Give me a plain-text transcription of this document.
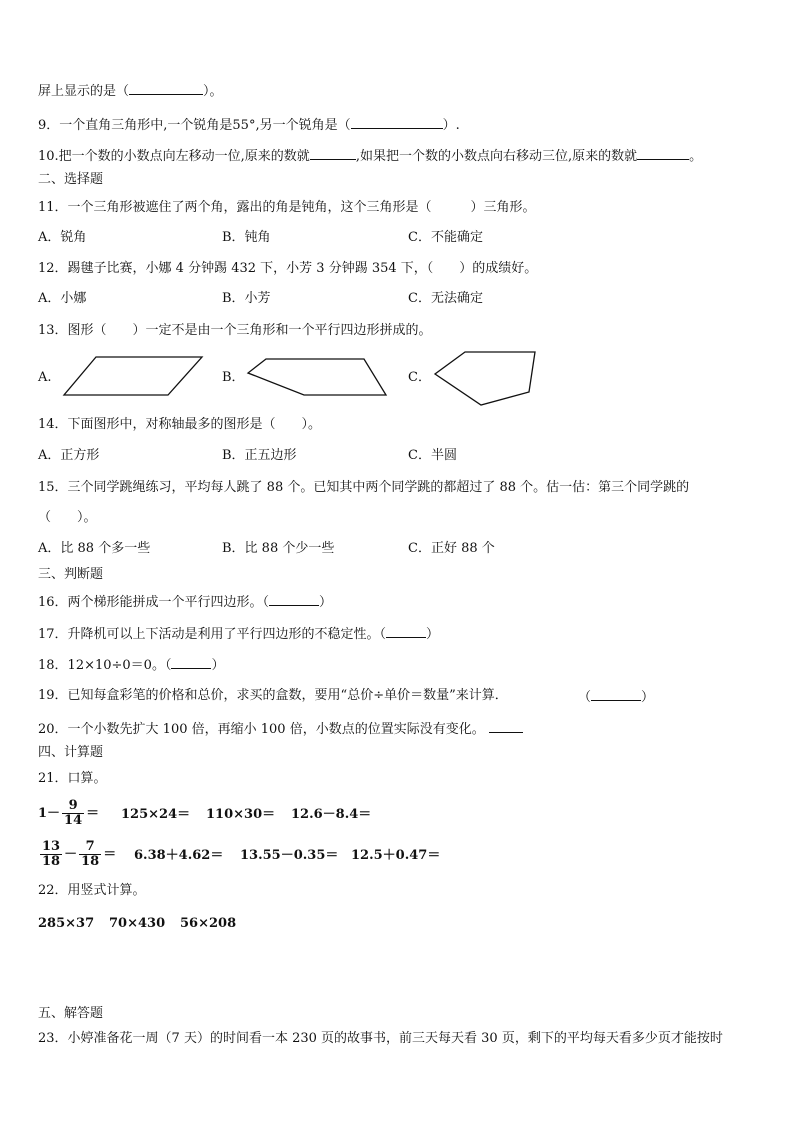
屏上显示的是（	）。
9．一个直角三角形中,一个锐角是55°,另一个锐角是（	）.
10.把一个数的小数点向左移动一位,原来的数就	,如果把一个数的小数点向右移动三位,原来的数就	。
二、选择题
11．一个三角形被遮住了两个角，露出的角是钝角，这个三角形是（　　　）三角形。
A．锐角	B．钝角	C．不能确定
12．踢毽子比赛，小娜 4 分钟踢 432 下，小芳 3 分钟踢 354 下，（　　）的成绩好。
A．小娜	B．小芳	C．无法确定
13．图形（　　）一定不是由一个三角形和一个平行四边形拼成的。
A.	B．	C．
14．下面图形中，对称轴最多的图形是（　　）。
A．正方形	B．正五边形	C．半圆
15．三个同学跳绳练习，平均每人跳了 88 个。已知其中两个同学跳的都超过了 88 个。估一估：第三个同学跳的
（　　）。
A．比 88 个多一些	B．比 88 个少一些	C．正好 88 个
三、判断题
16．两个梯形能拼成一个平行四边形。（	）
17．升降机可以上下活动是利用了平行四边形的不稳定性。（	）
18．12×10÷0＝0。（	）
19．已知每盒彩笔的价格和总价，求买的盒数，要用“总价÷单价＝数量”来计算．	（	）
20．一个小数先扩大 100 倍，再缩小 100 倍，小数点的位置实际没有变化。
四、计算题
21．口算。
$1- \frac{9}{14} = 125\times 24= 110\times 30= 12.6-8.4=$
$\frac{13}{18} - \frac{7}{18} = 6.38+4.62= 13.55-0.35= 12.5+0.47=$
22．用竖式计算。
285×37 70×430 56×208
五、解答题
23．小婷准备花一周（7 天）的时间看一本 230 页的故事书，前三天每天看 30 页，剩下的平均每天看多少页才能按时
